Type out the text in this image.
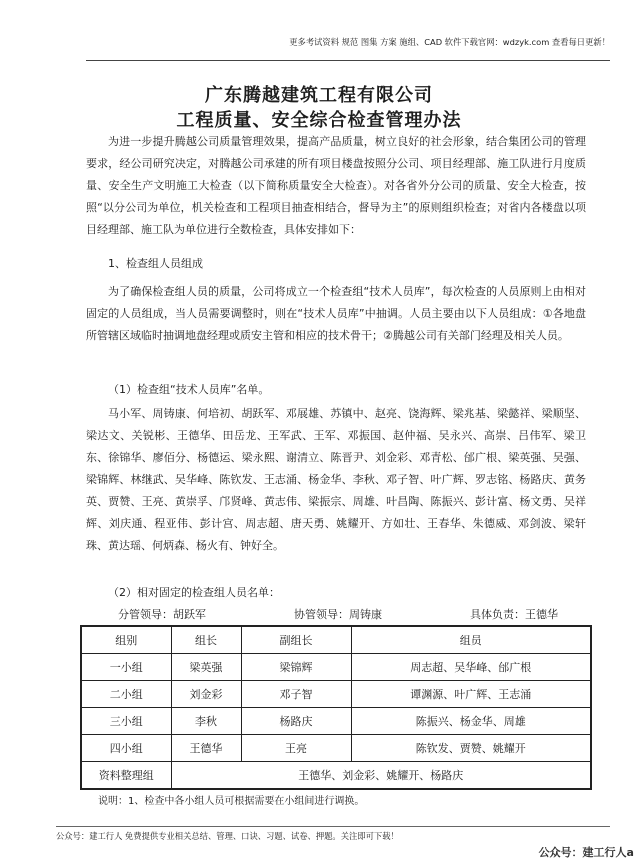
更多考试资料 规范 图集 方案 施组、CAD 软件下载官网：wdzyk.com 查看每日更新！
广东腾越建筑工程有限公司
工程质量、安全综合检查管理办法
为进一步提升腾越公司质量管理效果，提高产品质量，树立良好的社会形象，结合集团公司的管理要求，经公司研究决定，对腾越公司承建的所有项目楼盘按照分公司、项目经理部、施工队进行月度质量、安全生产文明施工大检查（以下简称质量安全大检查）。对各省外分公司的质量、安全大检查，按照“以分公司为单位，机关检查和工程项目抽查相结合，督导为主”的原则组织检查；对省内各楼盘以项目经理部、施工队为单位进行全数检查，具体安排如下：
1、检查组人员组成
为了确保检查组人员的质量，公司将成立一个检查组“技术人员库”，每次检查的人员原则上由相对固定的人员组成，当人员需要调整时，则在“技术人员库”中抽调。人员主要由以下人员组成：①各地盘所管辖区域临时抽调地盘经理或质安主管和相应的技术骨干；②腾越公司有关部门经理及相关人员。
（1）检查组“技术人员库”名单。
马小军、周铸康、何培初、胡跃军、邓展雄、苏镇中、赵亮、饶海辉、梁兆基、梁懿祥、梁顺坚、梁达文、关锐彬、王德华、田岳龙、王军武、王军、邓振国、赵仲福、吴永兴、高崇、吕伟军、梁卫东、徐锦华、廖佰分、杨德运、梁永熙、谢清立、陈晋尹、刘金彩、邓青松、邰广根、梁英强、吴强、梁锦辉、林继武、吴华峰、陈钦发、王志涌、杨金华、李秋、邓子智、叶广辉、罗志铭、杨路庆、黄务英、贾赞、王亮、黄崇孚、邝贤峰、黄志伟、梁振宗、周雄、叶昌陶、陈振兴、彭计富、杨文勇、吴祥辉、刘庆通、程亚伟、彭计宫、周志超、唐天勇、姚耀开、方如壮、王春华、朱德威、邓剑波、梁轩珠、黄达瑶、何炳森、杨火有、钟好全。
（2）相对固定的检查组人员名单：
分管领导：胡跃军	协管领导：周铸康	具体负责：王德华
组别	组长	副组长	组员
一小组	梁英强	梁锦辉	周志超、吴华峰、邰广根
二小组	刘金彩	邓子智	谭渊源、叶广辉、王志涌
三小组	李秋	杨路庆	陈振兴、杨金华、周雄
四小组	王德华	王亮	陈钦发、贾赞、姚耀开
资料整理组	王德华、刘金彩、姚耀开、杨路庆		
说明：1、检查中各小组人员可根据需要在小组间进行调换。
公众号：建工行人 免费提供专业相关总结、管理、口诀、习题、试卷、押题。关注即可下载！
公众号：建工行人a
